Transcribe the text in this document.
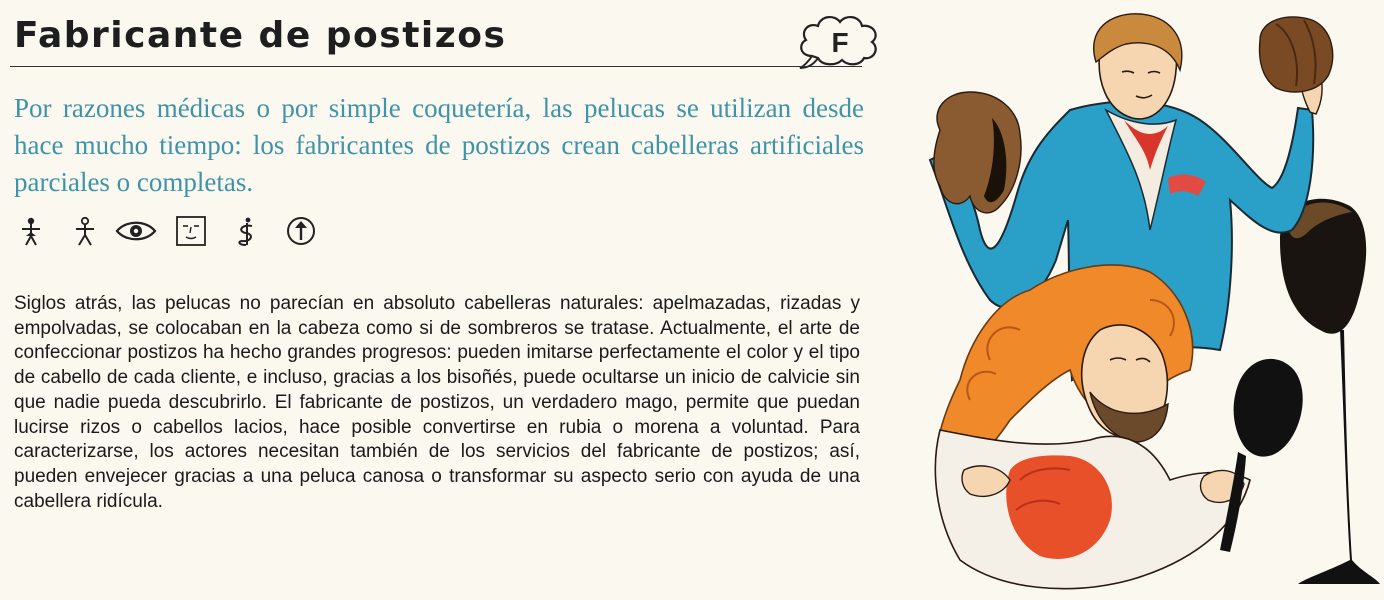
Fabricante de postizos	F

Por razones médicas o por simple coquetería, las pelucas se utilizan desde hace mucho tiempo: los fabricantes de postizos crean cabelleras artificiales parciales o completas.

Siglos atrás, las pelucas no parecían en absoluto cabelleras naturales: apelmazadas, rizadas y empolvadas, se colocaban en la cabeza como si de sombreros se tratase. Actualmente, el arte de confeccionar postizos ha hecho grandes progresos: pueden imitarse perfectamente el color y el tipo de cabello de cada cliente, e incluso, gracias a los bisoñés, puede ocultarse un inicio de calvicie sin que nadie pueda descubrirlo. El fabricante de postizos, un verdadero mago, permite que puedan lucirse rizos o cabellos lacios, hace posible convertirse en rubia o morena a voluntad. Para caracterizarse, los actores necesitan también de los servicios del fabricante de postizos; así, pueden envejecer gracias a una peluca canosa o transformar su aspecto serio con ayuda de una cabellera ridícula.
